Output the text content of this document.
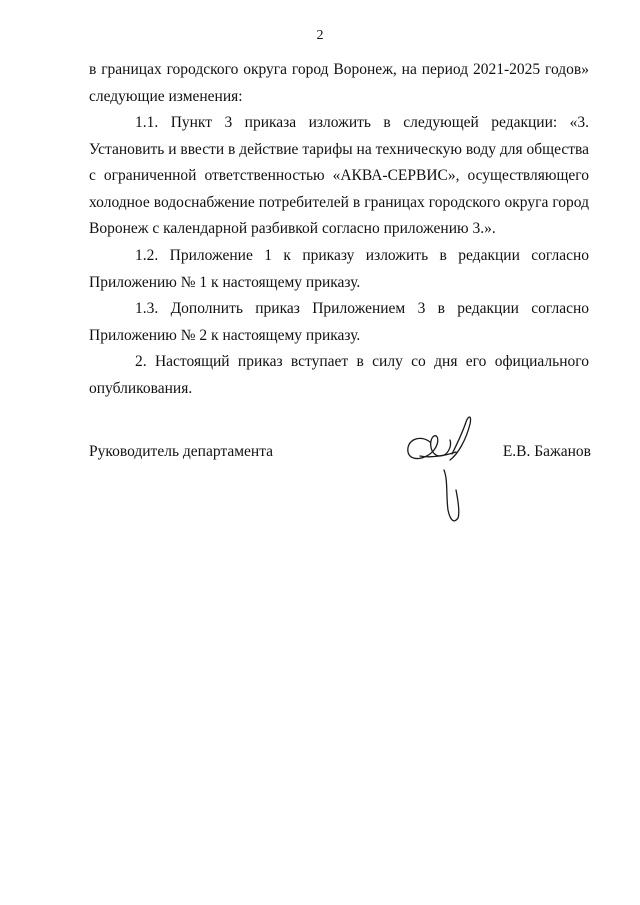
2

в границах городского округа город Воронеж, на период 2021-2025 годов» следующие изменения:

1.1. Пункт 3 приказа изложить в следующей редакции: «3. Установить и ввести в действие тарифы на техническую воду для общества с ограниченной ответственностью «АКВА-СЕРВИС», осуществляющего холодное водоснабжение потребителей в границах городского округа город Воронеж с календарной разбивкой согласно приложению 3.».

1.2. Приложение 1 к приказу изложить в редакции согласно Приложению № 1 к настоящему приказу.

1.3. Дополнить приказ Приложением 3 в редакции согласно Приложению № 2 к настоящему приказу.

2. Настоящий приказ вступает в силу со дня его официального опубликования.

Руководитель департамента	Е.В. Бажанов
